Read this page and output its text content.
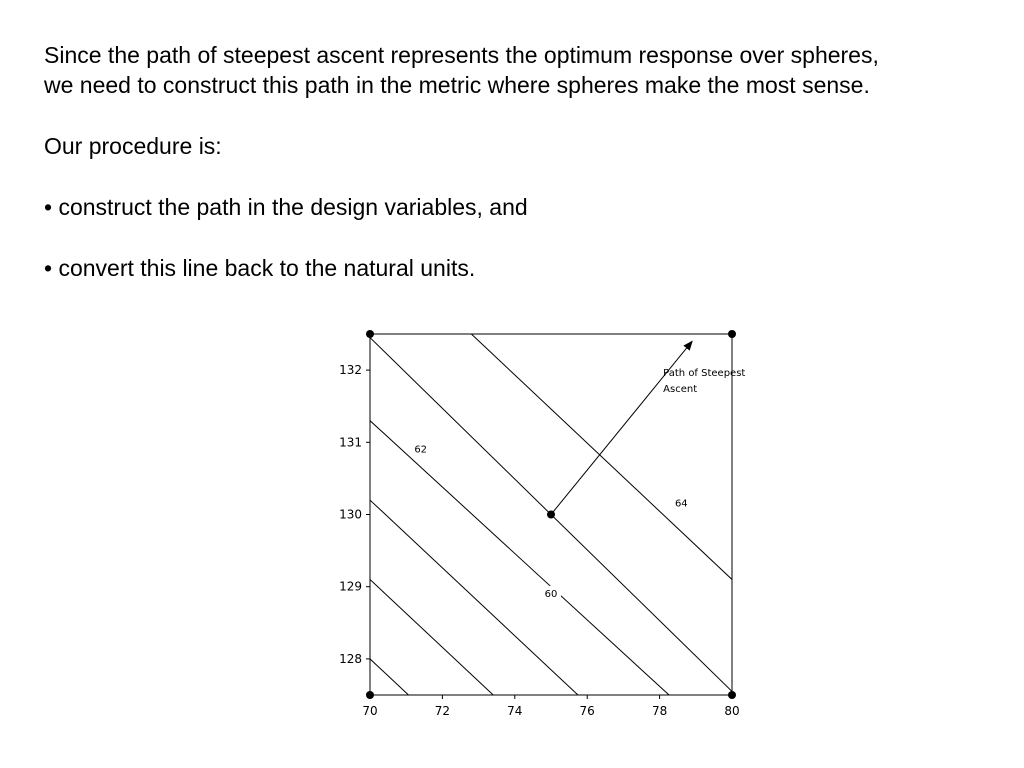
Since the path of steepest ascent represents the optimum response over spheres,

we need to construct this path in the metric where spheres make the most sense.

Our procedure is:

• construct the path in the design variables, and

• convert this line back to the natural units.

70	72	74	76	78	80
128
129
130
131
132
62
64
60
Path of Steepest
Ascent
